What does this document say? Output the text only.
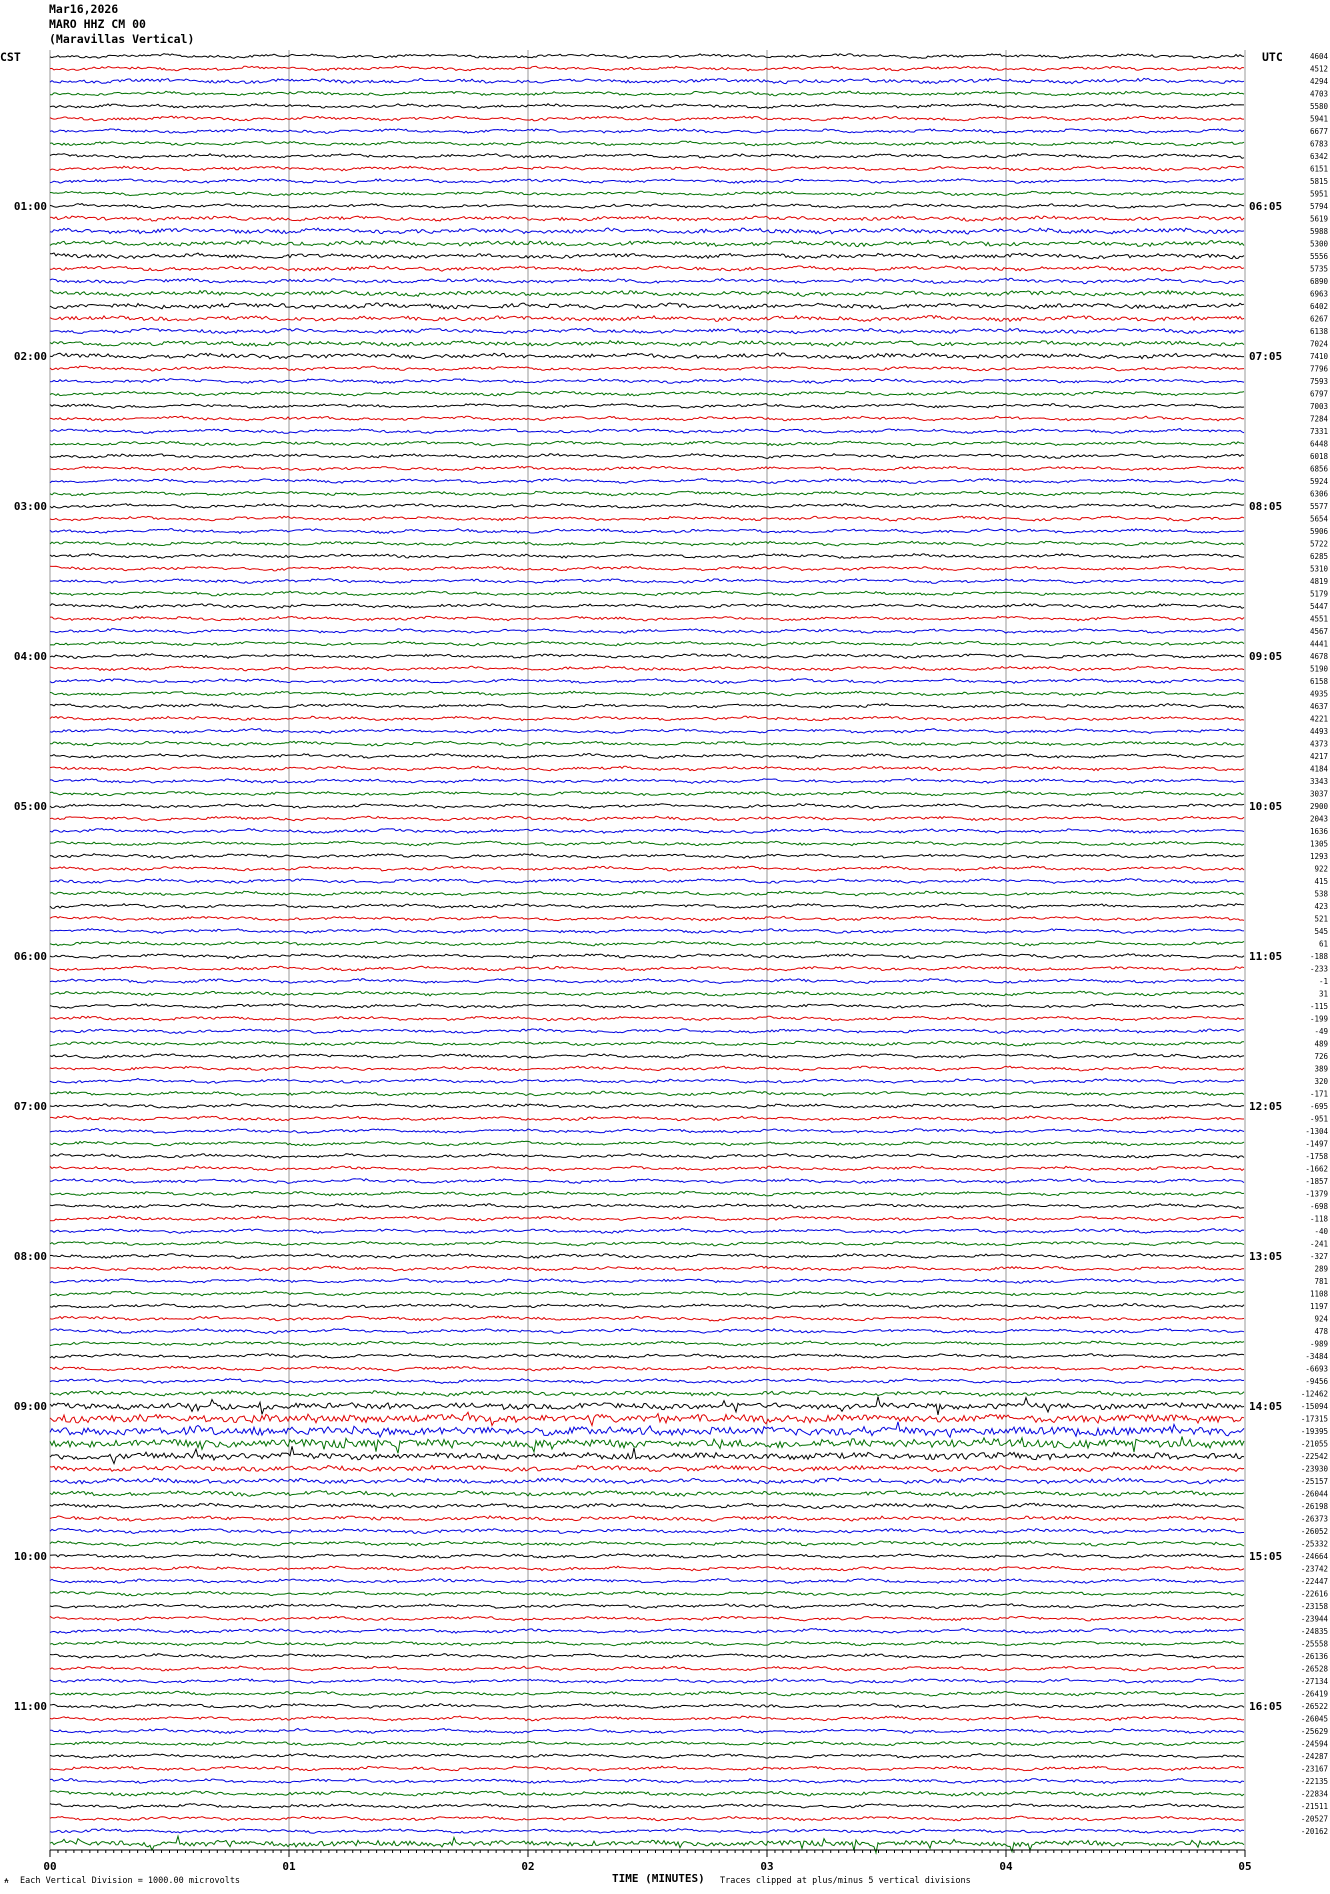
Mar16,2026
MARO HHZ CM 00
(Maravillas Vertical)
CST	UTC	4604
4512
4294
4703
5580
5941
6677
6783
6342
6151
5815
5951
5794
5619
5988
5300
5556
5735
6890
6963
6402
6267
6138
7024
7410
7796
7593
6797
7003
7284
7331
6448
6018
6856
5924
6306
5577
5654
5906
5722
6285
5310
4819
5179
5447
4551
4567
4441
4678
5190
6158
4935
4637
4221
4493
4373
4217
4184
3343
3037
2900
2043
1636
1305
1293
922
415
538
423
521
545
61
-188
-233
-1
31
-115
-199
-49
489
726
389
320
-171
-695
-951
-1304
-1497
-1758
-1662
-1857
-1379
-698
-118
-40
-241
-327
289
781
1108
1197
924
478
-989
-3484
-6693
-9456
-12462
-15094
-17315
-19395
-21055
-22542
-23930
-25157
-26044
-26198
-26373
-26052
-25332
-24664
-23742
-22447
-22616
-23158
-23944
-24835
-25558
-26136
-26528
-27134
-26419
-26522
-26045
-25629
-24594
-24287
-23167
-22135
-22834
-21511
-20527
-20162
01:00	06:05
02:00	07:05
03:00	08:05
04:00	09:05
05:00	10:05
06:00	11:05
07:00	12:05
08:00	13:05
09:00	14:05
10:00	15:05
11:00	16:05
00	01	02	03	04	05
⍲ Each Vertical Division = 1000.00 microvolts	TIME (MINUTES) Traces clipped at plus/minus 5 vertical divisions
